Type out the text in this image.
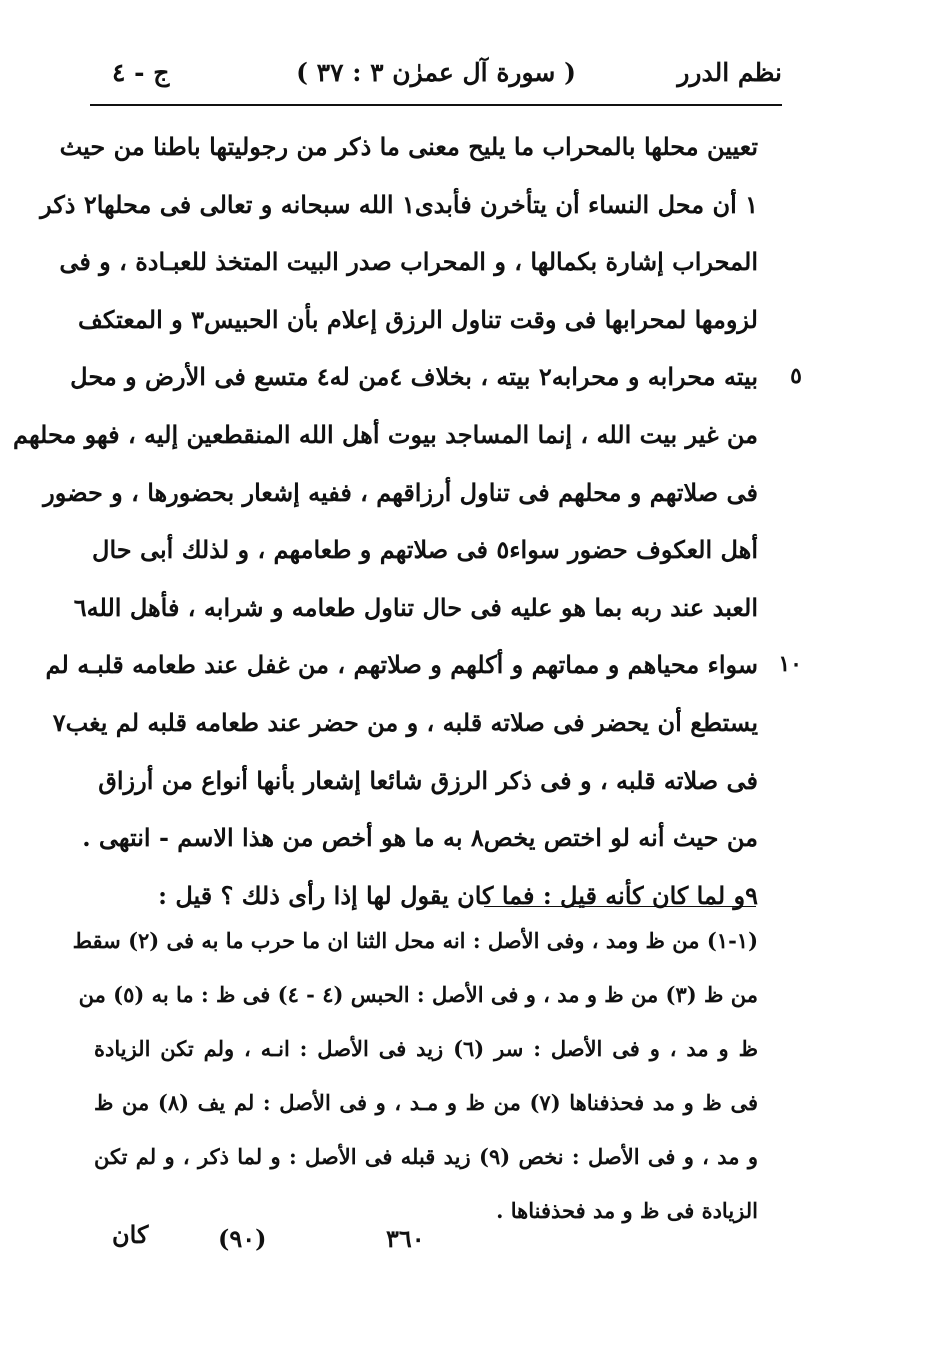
نظم الدرر
( سورة آل عمرٰن ٣ : ٣٧ )
ج - ٤
تعيين محلها بالمحراب ما يليح معنى ما ذكر من رجوليتها باطنا من حيث
١ أن محل النساء أن يتأخرن فأبدى١ الله سبحانه و تعالى فى محلها٢ ذكر
المحراب إشارة بكمالها ، و المحراب صدر البيت المتخذ للعبـادة ، و فى
لزومها لمحرابها فى وقت تناول الرزق إعلام بأن الحبيس٣ و المعتكف
٥
بيته محرابه و محرابه٢ بيته ، بخلاف ٤من له٤ متسع فى الأرض و محل
من غير بيت الله ، إنما المساجد بيوت أهل الله المنقطعين إليه ، فهو محلهم
فى صلاتهم و محلهم فى تناول أرزاقهم ، ففيه إشعار بحضورها ، و حضور
أهل العكوف حضور سواء٥ فى صلاتهم و طعامهم ، و لذلك أبى حال
العبد عند ربه بما هو عليه فى حال تناول طعامه و شرابه ، فأهل الله٦
١٠
سواء محياهم و مماتهم و أكلهم و صلاتهم ، من غفل عند طعامه قلبـه لم
يستطع أن يحضر فى صلاته قلبه ، و من حضر عند طعامه قلبه لم يغب٧
فى صلاته قلبه ، و فى ذكر الرزق شائعا إشعار بأنها أنواع من أرزاق
من حيث أنه لو اختص يخص٨ به ما هو أخص من هذا الاسم - انتهى .
٩و لما كان كأنه قيل : فما كان يقول لها إذا رأى ذلك ؟ قيل :
(١-١) من ظ ومد ، وفى الأصل : انه محل الثنا ان ما حرب ما به فى (٢) سقط
من ظ (٣) من ظ و مد ، و فى الأصل : الحبس (٤ - ٤) فى ظ : ما به (٥) من
ظ و مد ، و فى الأصل : سر (٦) زيد فى الأصل : انـه ، ولم تكن الزيادة
فى ظ و مد فحذفناها (٧) من ظ و مـد ، و فى الأصل : لم يف (٨) من ظ
و مد ، و فى الأصل : نخص (٩) زيد قبله فى الأصل : و لما ذكر ، و لم تكن
الزيادة فى ظ و مد فحذفناها .
كان	(٩٠)	٣٦٠
